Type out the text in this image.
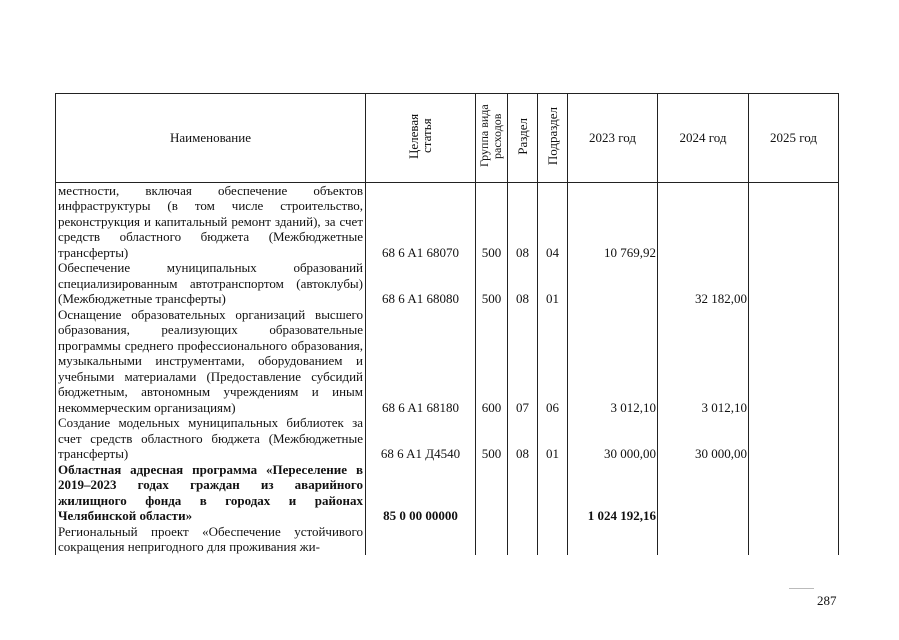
Наименование	Целевая статья	Группа вида расходов	Раздел	Подраздел	2023 год	2024 год	2025 год
местности, включая обеспечение объектов инфраструктуры (в том числе строительство, реконструкция и капитальный ремонт зданий), за счет средств областного бюджета (Межбюджетные трансферты)	68 6 A1 68070	500	08	04	10 769,92		
Обеспечение муниципальных образований специализированным автотранспортом (автоклубы) (Межбюджетные трансферты)	68 6 A1 68080	500	08	01		32 182,00	
Оснащение образовательных организаций высшего образования, реализующих образовательные программы среднего профессионального образования, музыкальными инструментами, оборудованием и учебными материалами (Предоставление субсидий бюджетным, автономным учреждениям и иным некоммерческим организациям)	68 6 A1 68180	600	07	06	3 012,10	3 012,10	
Создание модельных муниципальных библиотек за счет средств областного бюджета (Межбюджетные трансферты)	68 6 A1 Д4540	500	08	01	30 000,00	30 000,00	
Областная адресная программа «Переселение в 2019–2023 годах граждан из аварийного жилищного фонда в городах и районах Челябинской области»	85 0 00 00000				1 024 192,16		
Региональный проект «Обеспечение устойчивого сокращения непригодного для проживания жи-							
287
